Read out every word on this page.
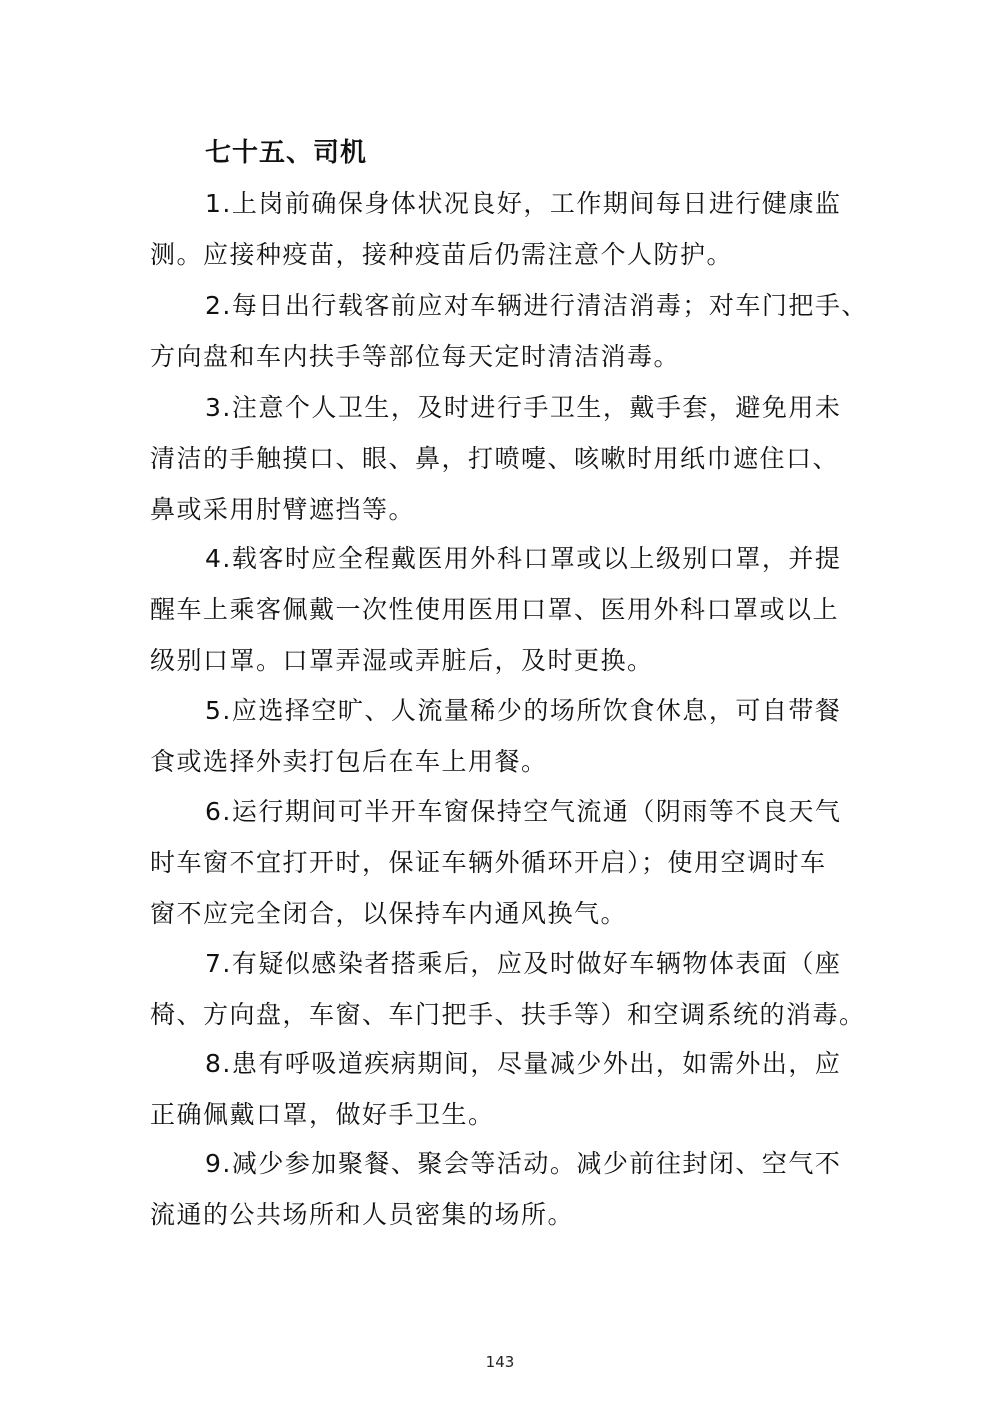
七十五、司机
1.上岗前确保身体状况良好，工作期间每日进行健康监
测。应接种疫苗，接种疫苗后仍需注意个人防护。
2.每日出行载客前应对车辆进行清洁消毒；对车门把手、
方向盘和车内扶手等部位每天定时清洁消毒。
3.注意个人卫生，及时进行手卫生，戴手套，避免用未
清洁的手触摸口、眼、鼻，打喷嚏、咳嗽时用纸巾遮住口、
鼻或采用肘臂遮挡等。
4.载客时应全程戴医用外科口罩或以上级别口罩，并提
醒车上乘客佩戴一次性使用医用口罩、医用外科口罩或以上
级别口罩。口罩弄湿或弄脏后，及时更换。
5.应选择空旷、人流量稀少的场所饮食休息，可自带餐
食或选择外卖打包后在车上用餐。
6.运行期间可半开车窗保持空气流通（阴雨等不良天气
时车窗不宜打开时，保证车辆外循环开启）；使用空调时车
窗不应完全闭合，以保持车内通风换气。
7.有疑似感染者搭乘后，应及时做好车辆物体表面（座
椅、方向盘，车窗、车门把手、扶手等）和空调系统的消毒。
8.患有呼吸道疾病期间，尽量减少外出，如需外出，应
正确佩戴口罩，做好手卫生。
9.减少参加聚餐、聚会等活动。减少前往封闭、空气不
流通的公共场所和人员密集的场所。
143
